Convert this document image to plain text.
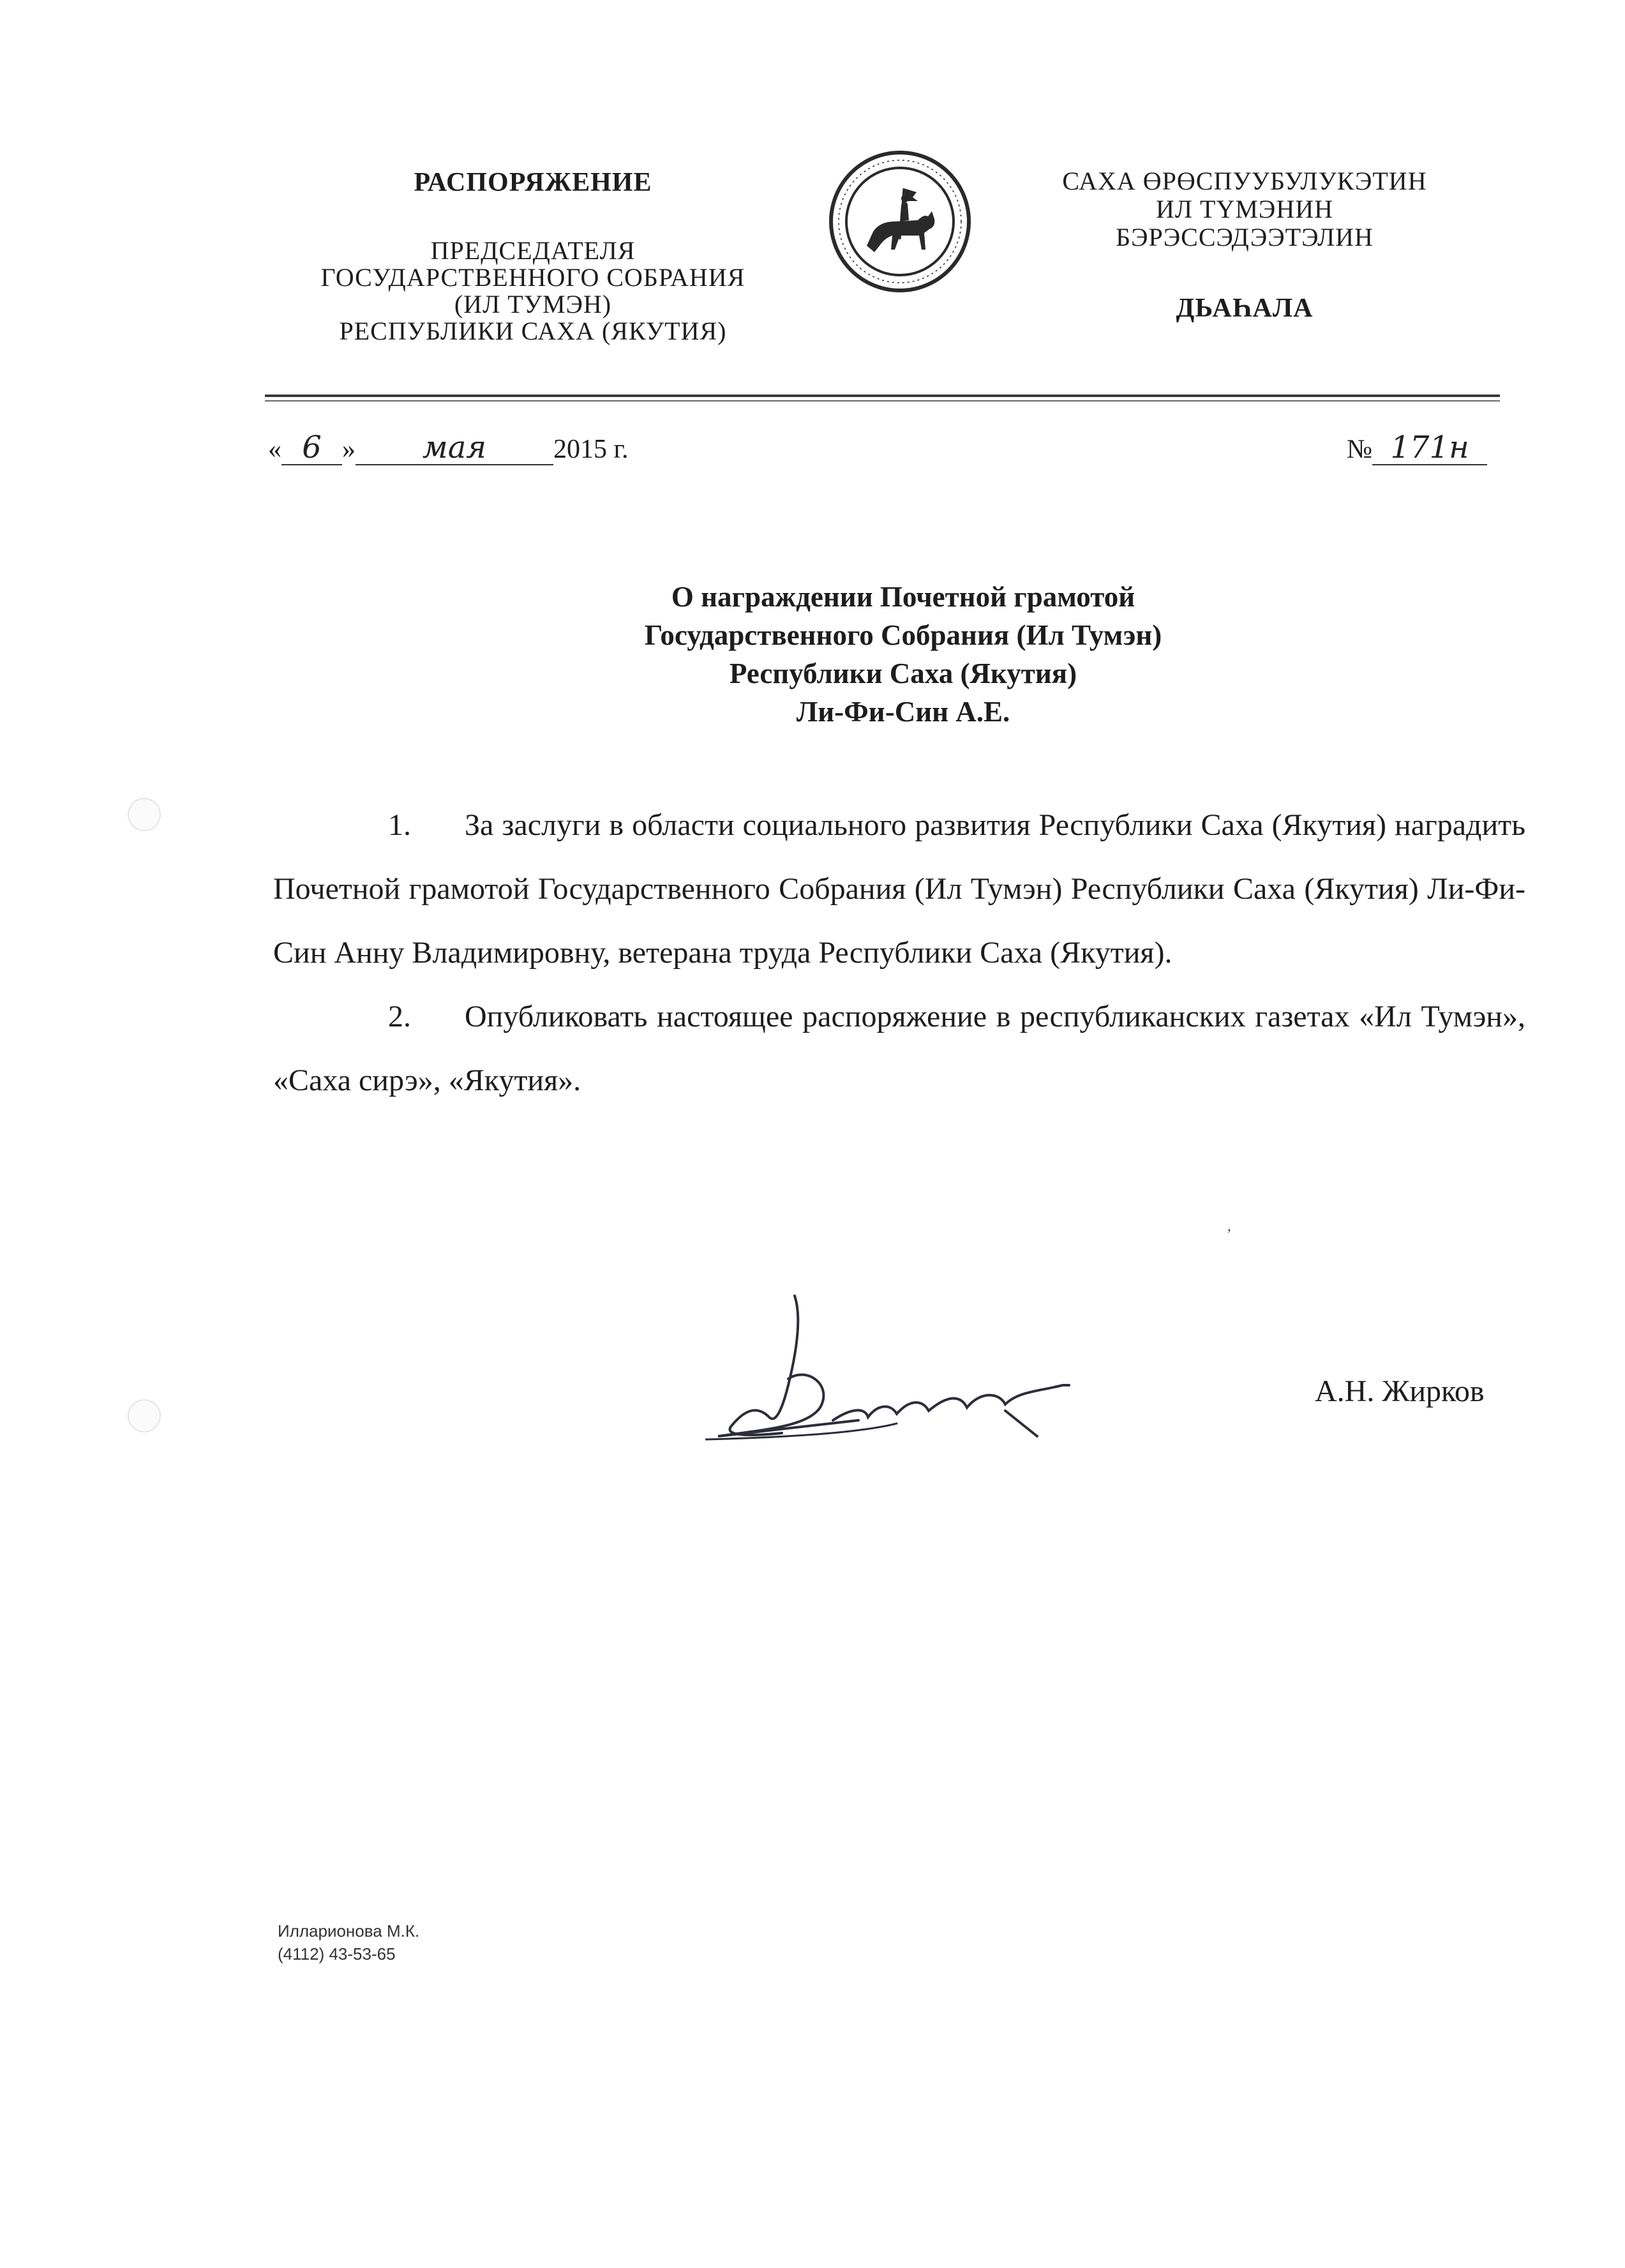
РАСПОРЯЖЕНИЕ
ПРЕДСЕДАТЕЛЯ
ГОСУДАРСТВЕННОГО СОБРАНИЯ
(ИЛ ТУМЭН)
РЕСПУБЛИКИ САХА (ЯКУТИЯ)
САХА ӨРӨСПУУБУЛУКЭТИН
ИЛ ТҮМЭНИН
БЭРЭССЭДЭЭТЭЛИН
ДЬАҺАЛА
« 6 » мая 2015 г.	№ 171н
О награждении Почетной грамотой
Государственного Собрания (Ил Тумэн)
Республики Саха (Якутия)
Ли-Фи-Син А.Е.

1. За заслуги в области социального развития Республики Саха (Якутия) наградить Почетной грамотой Государственного Собрания (Ил Тумэн) Республики Саха (Якутия) Ли-Фи-Син Анну Владимировну, ветерана труда Республики Саха (Якутия).

2. Опубликовать настоящее распоряжение в республиканских газетах «Ил Тумэн», «Саха сирэ», «Якутия».

‚
А.Н. Жирков
Илларионова М.К.
(4112) 43-53-65
